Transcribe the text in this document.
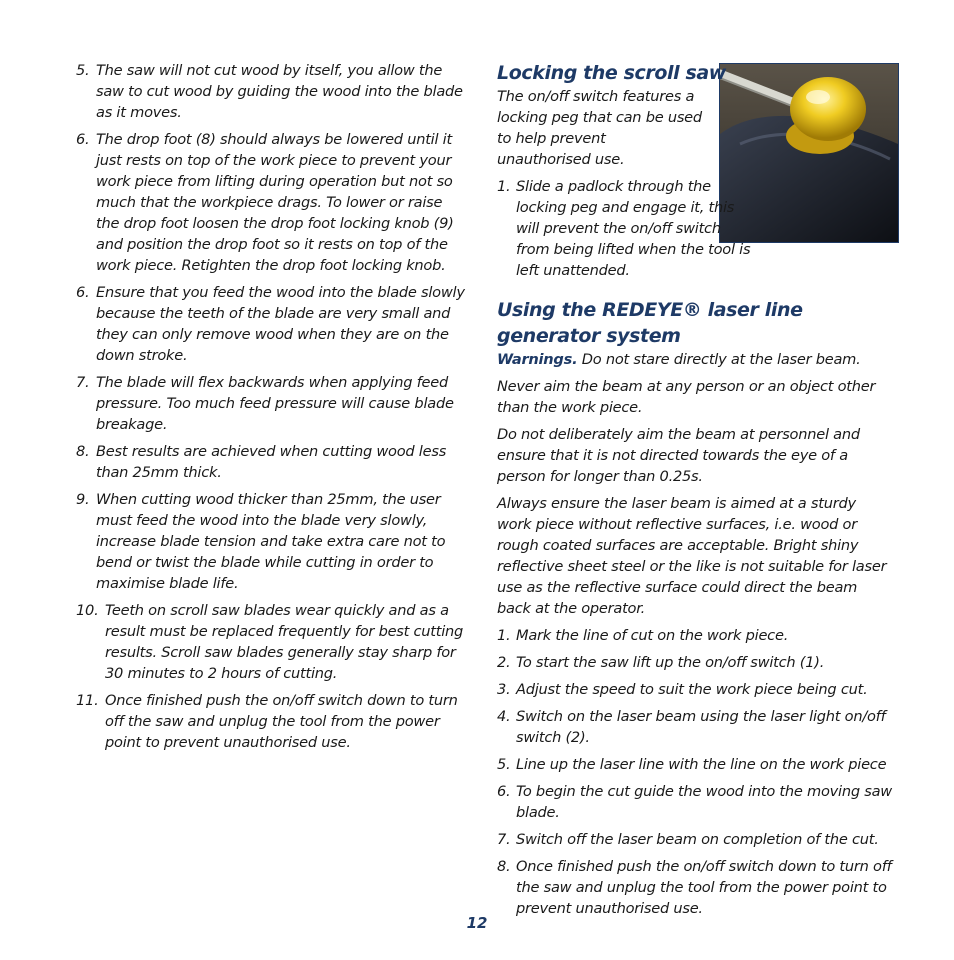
5. The saw will not cut wood by itself, you allow the saw to cut wood by guiding the wood into the blade as it moves.
6. The drop foot (8) should always be lowered until it just rests on top of the work piece to prevent your work piece from lifting during operation but not so much that the workpiece drags. To lower or raise the drop foot loosen the drop foot locking knob (9) and position the drop foot so it rests on top of the work piece. Retighten the drop foot locking knob.
6. Ensure that you feed the wood into the blade slowly because the teeth of the blade are very small and they can only remove wood when they are on the down stroke.
7. The blade will flex backwards when applying feed pressure. Too much feed pressure will cause blade breakage.
8. Best results are achieved when cutting wood less than 25mm thick.
9. When cutting wood thicker than 25mm, the user must feed the wood into the blade very slowly, increase blade tension and take extra care not to bend or twist the blade while cutting in order to maximise blade life.
10. Teeth on scroll saw blades wear quickly and as a result must be replaced frequently for best cutting results. Scroll saw blades generally stay sharp for 30 minutes to 2 hours of cutting.
11. Once finished push the on/off switch down to turn off the saw and unplug the tool from the power point to prevent unauthorised use.
Locking the scroll saw

The on/off switch features a locking peg that can be used to help prevent unauthorised use.

1. Slide a padlock through the locking peg and engage it, this will prevent the on/off switch from being lifted when the tool is left unattended.
Using the REDEYE® laser line generator system

Warnings. Do not stare directly at the laser beam.

Never aim the beam at any person or an object other than the work piece.

Do not deliberately aim the beam at personnel and ensure that it is not directed towards the eye of a person for longer than 0.25s.

Always ensure the laser beam is aimed at a sturdy work piece without reflective surfaces, i.e. wood or rough coated surfaces are acceptable. Bright shiny reflective sheet steel or the like is not suitable for laser use as the reflective surface could direct the beam back at the operator.

1. Mark the line of cut on the work piece.
2. To start the saw lift up the on/off switch (1).
3. Adjust the speed to suit the work piece being cut.
4. Switch on the laser beam using the laser light on/off switch (2).
5. Line up the laser line with the line on the work piece
6. To begin the cut guide the wood into the moving saw blade.
7. Switch off the laser beam on completion of the cut.
8. Once finished push the on/off switch down to turn off the saw and unplug the tool from the power point to prevent unauthorised use.
12
